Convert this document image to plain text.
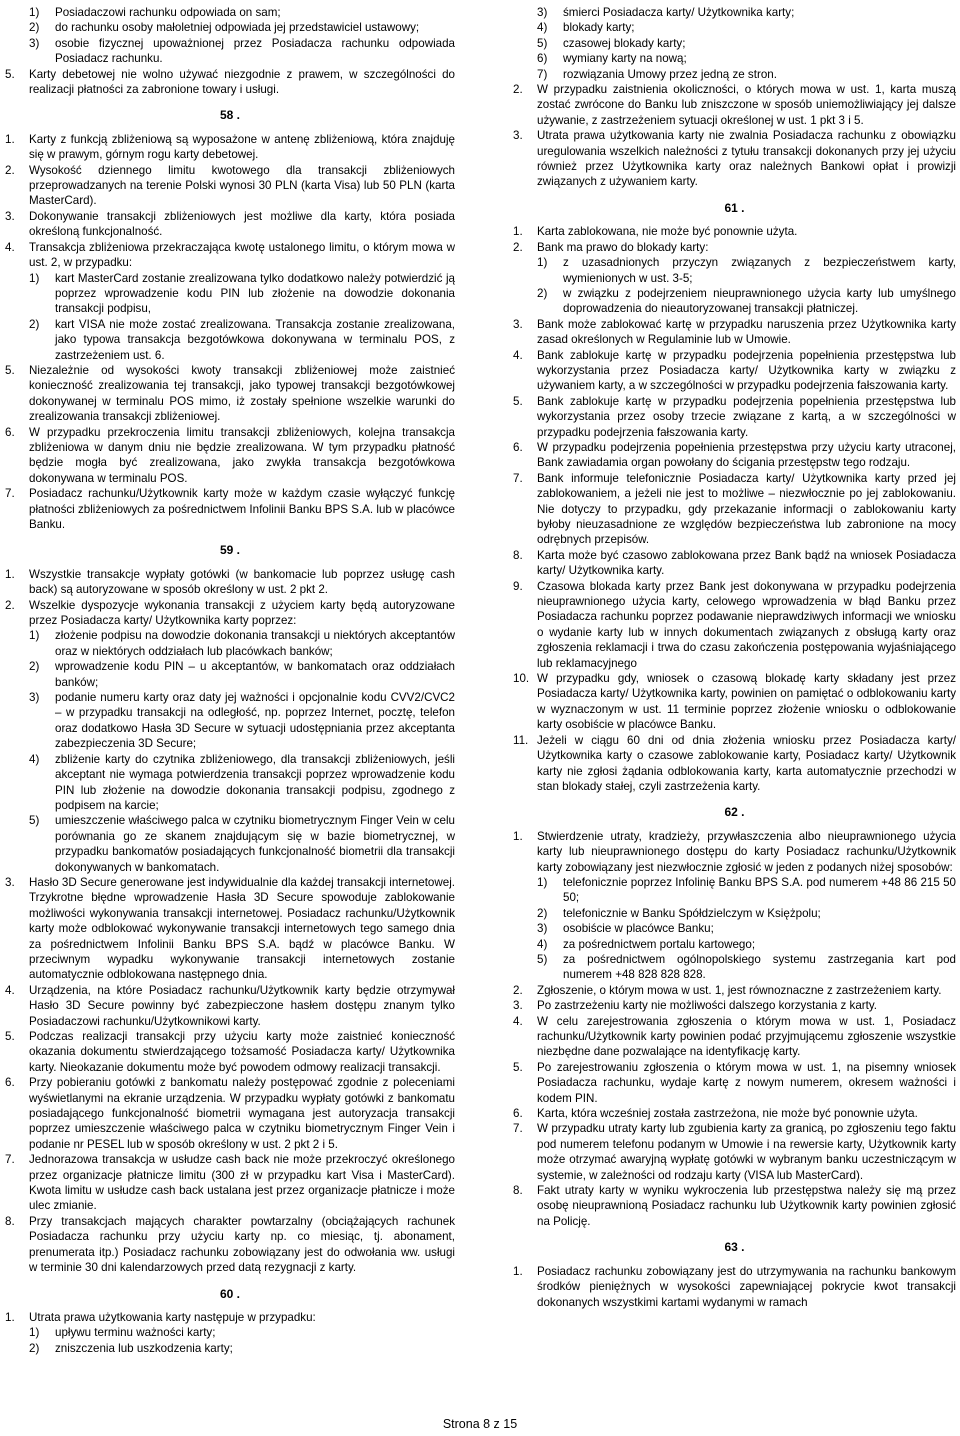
1)	Posiadaczowi rachunku odpowiada on sam;
2)	do rachunku osoby małoletniej odpowiada jej przedstawiciel ustawowy;
3)	osobie fizycznej upoważnionej przez Posiadacza rachunku odpowiada Posiadacz rachunku.
5.	Karty debetowej nie wolno używać niezgodnie z prawem, w szczególności do realizacji płatności za zabronione towary i usługi.
58 .
1.	Karty z funkcją zbliżeniową są wyposażone w antenę zbliżeniową, która znajduję się w prawym, górnym rogu karty debetowej.
2.	Wysokość dziennego limitu kwotowego dla transakcji zbliżeniowych przeprowadzanych na terenie Polski wynosi 30 PLN (karta Visa) lub 50 PLN (karta MasterCard).
3.	Dokonywanie transakcji zbliżeniowych jest możliwe dla karty, która posiada określoną funkcjonalność.
4.	Transakcja zbliżeniowa przekraczająca kwotę ustalonego limitu, o którym mowa w ust. 2, w przypadku:
1)	kart MasterCard zostanie zrealizowana tylko dodatkowo należy potwierdzić ją poprzez wprowadzenie kodu PIN lub złożenie na dowodzie dokonania transakcji podpisu,
2)	kart VISA nie może zostać zrealizowana. Transakcja zostanie zrealizowana, jako typowa transakcja bezgotówkowa dokonywana w terminalu POS, z zastrzeżeniem ust. 6.
5.	Niezależnie od wysokości kwoty transakcji zbliżeniowej może zaistnieć konieczność zrealizowania tej transakcji, jako typowej transakcji bezgotówkowej dokonywanej w terminalu POS mimo, iż zostały spełnione wszelkie warunki do zrealizowania transakcji zbliżeniowej.
6.	W przypadku przekroczenia limitu transakcji zbliżeniowych, kolejna transakcja zbliżeniowa w danym dniu nie będzie zrealizowana. W tym przypadku płatność będzie mogła być zrealizowana, jako zwykła transakcja bezgotówkowa dokonywana w terminalu POS.
7.	Posiadacz rachunku/Użytkownik karty może w każdym czasie wyłączyć funkcję płatności zbliżeniowych za pośrednictwem Infolinii Banku BPS S.A. lub w placówce Banku.
59 .
1.	Wszystkie transakcje wypłaty gotówki (w bankomacie lub poprzez usługę cash back) są autoryzowane w sposób określony w ust. 2 pkt 2.
2.	Wszelkie dyspozycje wykonania transakcji z użyciem karty będą autoryzowane przez Posiadacza karty/ Użytkownika karty poprzez:
1)	złożenie podpisu na dowodzie dokonania transakcji u niektórych akceptantów oraz w niektórych oddziałach lub placówkach banków;
2)	wprowadzenie kodu PIN – u akceptantów, w bankomatach oraz oddziałach banków;
3)	podanie numeru karty oraz daty jej ważności i opcjonalnie kodu CVV2/CVC2 – w przypadku transakcji na odległość, np. poprzez Internet, pocztę, telefon oraz dodatkowo Hasła 3D Secure w sytuacji udostępniania przez akceptanta zabezpieczenia 3D Secure;
4)	zbliżenie karty do czytnika zbliżeniowego, dla transakcji zbliżeniowych, jeśli akceptant nie wymaga potwierdzenia transakcji poprzez wprowadzenie kodu PIN lub złożenie na dowodzie dokonania transakcji podpisu, zgodnego z podpisem na karcie;
5)	umieszczenie właściwego palca w czytniku biometrycznym Finger Vein w celu porównania go ze skanem znajdującym się w bazie biometrycznej, w przypadku bankomatów posiadających funkcjonalność biometrii dla transakcji dokonywanych w bankomatach.
3.	Hasło 3D Secure generowane jest indywidualnie dla każdej transakcji internetowej. Trzykrotne błędne wprowadzenie Hasła 3D Secure spowoduje zablokowanie możliwości wykonywania transakcji internetowej. Posiadacz rachunku/Użytkownik karty może odblokować wykonywanie transakcji internetowych tego samego dnia za pośrednictwem Infolinii Banku BPS S.A. bądź w placówce Banku. W przeciwnym wypadku wykonywanie transakcji internetowych zostanie automatycznie odblokowana następnego dnia.
4.	Urządzenia, na które Posiadacz rachunku/Użytkownik karty będzie otrzymywał Hasło 3D Secure powinny być zabezpieczone hasłem dostępu znanym tylko Posiadaczowi rachunku/Użytkownikowi karty.
5.	Podczas realizacji transakcji przy użyciu karty może zaistnieć konieczność okazania dokumentu stwierdzającego tożsamość Posiadacza karty/ Użytkownika karty. Nieokazanie dokumentu może być powodem odmowy realizacji transakcji.
6.	Przy pobieraniu gotówki z bankomatu należy postępować zgodnie z poleceniami wyświetlanymi na ekranie urządzenia. W przypadku wypłaty gotówki z bankomatu posiadającego funkcjonalność biometrii wymagana jest autoryzacja transakcji poprzez umieszczenie właściwego palca w czytniku biometrycznym Finger Vein i podanie nr PESEL lub w sposób określony w ust. 2 pkt 2 i 5.
7.	Jednorazowa transakcja w usłudze cash back nie może przekroczyć określonego przez organizacje płatnicze limitu (300 zł w przypadku kart Visa i MasterCard). Kwota limitu w usłudze cash back ustalana jest przez organizacje płatnicze i może ulec zmianie.
8.	Przy transakcjach mających charakter powtarzalny (obciążających rachunek Posiadacza rachunku przy użyciu karty np. co miesiąc, tj. abonament, prenumerata itp.) Posiadacz rachunku zobowiązany jest do odwołania ww. usługi w terminie 30 dni kalendarzowych przed datą rezygnacji z karty.
60 .
1.	Utrata prawa użytkowania karty następuje w przypadku:
1)	upływu terminu ważności karty;
2)	zniszczenia lub uszkodzenia karty;
3)	śmierci Posiadacza karty/ Użytkownika karty;
4)	blokady karty;
5)	czasowej blokady karty;
6)	wymiany karty na nową;
7)	rozwiązania Umowy przez jedną ze stron.
2.	W przypadku zaistnienia okoliczności, o których mowa w ust. 1, karta muszą zostać zwrócone do Banku lub zniszczone w sposób uniemożliwiający jej dalsze używanie, z zastrzeżeniem sytuacji określonej w ust. 1 pkt 3 i 5.
3.	Utrata prawa użytkowania karty nie zwalnia Posiadacza rachunku z obowiązku uregulowania wszelkich należności z tytułu transakcji dokonanych przy jej użyciu również przez Użytkownika karty oraz należnych Bankowi opłat i prowizji związanych z używaniem karty.
61 .
1.	Karta zablokowana, nie może być ponownie użyta.
2.	Bank ma prawo do blokady karty:
1)	z uzasadnionych przyczyn związanych z bezpieczeństwem karty, wymienionych w ust. 3-5;
2)	w związku z podejrzeniem nieuprawnionego użycia karty lub umyślnego doprowadzenia do nieautoryzowanej transakcji płatniczej.
3.	Bank może zablokować kartę w przypadku naruszenia przez Użytkownika karty zasad określonych w Regulaminie lub w Umowie.
4.	Bank zablokuje kartę w przypadku podejrzenia popełnienia przestępstwa lub wykorzystania przez Posiadacza karty/ Użytkownika karty w związku z używaniem karty, a w szczególności w przypadku podejrzenia fałszowania karty.
5.	Bank zablokuje kartę w przypadku podejrzenia popełnienia przestępstwa lub wykorzystania przez osoby trzecie związane z kartą, a w szczególności w przypadku podejrzenia fałszowania karty.
6.	W przypadku podejrzenia popełnienia przestępstwa przy użyciu karty utraconej, Bank zawiadamia organ powołany do ścigania przestępstw tego rodzaju.
7.	Bank informuje telefonicznie Posiadacza karty/ Użytkownika karty przed jej zablokowaniem, a jeżeli nie jest to możliwe – niezwłocznie po jej zablokowaniu. Nie dotyczy to przypadku, gdy przekazanie informacji o zablokowaniu karty byłoby nieuzasadnione ze względów bezpieczeństwa lub zabronione na mocy odrębnych przepisów.
8.	Karta może być czasowo zablokowana przez Bank bądź na wniosek Posiadacza karty/ Użytkownika karty.
9.	Czasowa blokada karty przez Bank jest dokonywana w przypadku podejrzenia nieuprawnionego użycia karty, celowego wprowadzenia w błąd Banku przez Posiadacza rachunku poprzez podawanie nieprawdziwych informacji we wniosku o wydanie karty lub w innych dokumentach związanych z obsługą karty oraz zgłoszenia reklamacji i trwa do czasu zakończenia postępowania wyjaśniającego lub reklamacyjnego
10. W przypadku gdy, wniosek o czasową blokadę karty składany jest przez Posiadacza karty/ Użytkownika karty, powinien on pamiętać o odblokowaniu karty w wyznaczonym w ust. 11 terminie poprzez złożenie wniosku o odblokowanie karty osobiście w placówce Banku.
11. Jeżeli w ciągu 60 dni od dnia złożenia wniosku przez Posiadacza karty/ Użytkownika karty o czasowe zablokowanie karty, Posiadacz karty/ Użytkownik karty nie zgłosi żądania odblokowania karty, karta automatycznie przechodzi w stan blokady stałej, czyli zastrzeżenia karty.
62 .
1.	Stwierdzenie utraty, kradzieży, przywłaszczenia albo nieuprawnionego użycia karty lub nieuprawnionego dostępu do karty Posiadacz rachunku/Użytkownik karty zobowiązany jest niezwłocznie zgłosić w jeden z podanych niżej sposobów:
1)	telefonicznie poprzez Infolinię Banku BPS S.A. pod numerem +48 86 215 50 50;
2)	telefonicznie w Banku Spółdzielczym w Księżpolu;
3)	osobiście w placówce Banku;
4)	za pośrednictwem portalu kartowego;
5)	za pośrednictwem ogólnopolskiego systemu zastrzegania kart pod numerem +48 828 828 828.
2.	Zgłoszenie, o którym mowa w ust. 1, jest równoznaczne z zastrzeżeniem karty.
3.	Po zastrzeżeniu karty nie możliwości dalszego korzystania z karty.
4.	W celu zarejestrowania zgłoszenia o którym mowa w ust. 1, Posiadacz rachunku/Użytkownik karty powinien podać przyjmującemu zgłoszenie wszystkie niezbędne dane pozwalające na identyfikację karty.
5.	Po zarejestrowaniu zgłoszenia o którym mowa w ust. 1, na pisemny wniosek Posiadacza rachunku, wydaje kartę z nowym numerem, okresem ważności i kodem PIN.
6.	Karta, która wcześniej została zastrzeżona, nie może być ponownie użyta.
7.	W przypadku utraty karty lub zgubienia karty za granicą, po zgłoszeniu tego faktu pod numerem telefonu podanym w Umowie i na rewersie karty, Użytkownik karty może otrzymać awaryjną wypłatę gotówki w wybranym banku uczestniczącym w systemie, w zależności od rodzaju karty (VISA lub MasterCard).
8.	Fakt utraty karty w wyniku wykroczenia lub przestępstwa należy się mą przez osobę nieuprawnioną Posiadacz rachunku lub Użytkownik karty powinien zgłosić na Policję.
63 .
1.	Posiadacz rachunku zobowiązany jest do utrzymywania na rachunku bankowym środków pieniężnych w wysokości zapewniającej pokrycie kwot transakcji dokonanych wszystkimi kartami wydanymi w ramach
Strona 8 z 15
